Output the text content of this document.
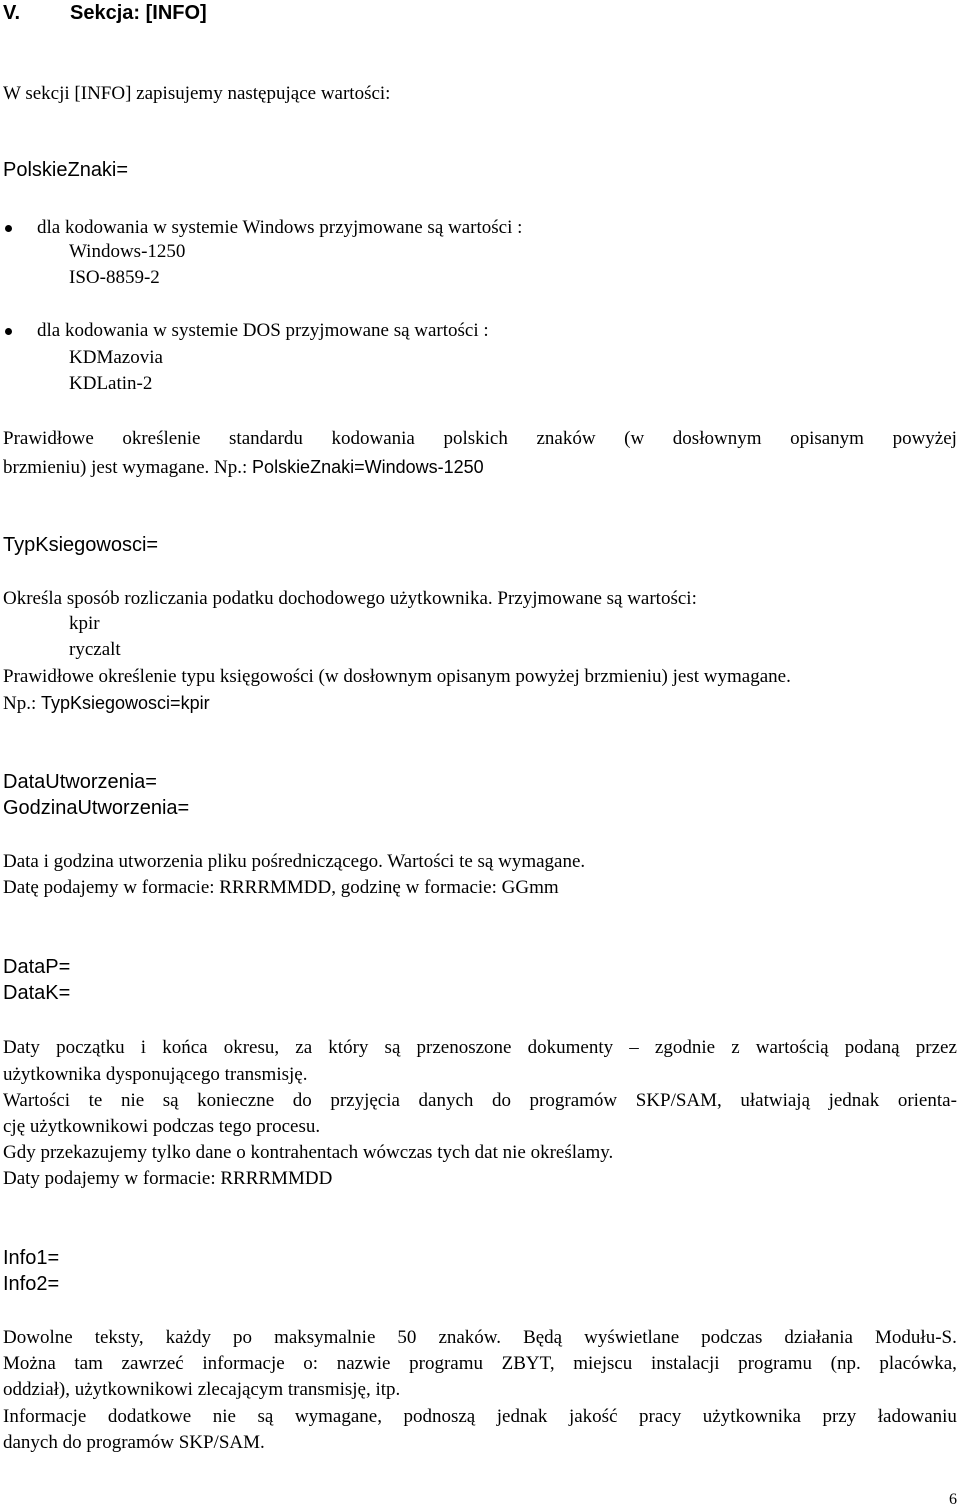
V. Sekcja: [INFO]
W sekcji [INFO] zapisujemy następujące wartości:
PolskieZnaki=
dla kodowania w systemie Windows przyjmowane są wartości :
Windows-1250
ISO-8859-2
dla kodowania w systemie DOS przyjmowane są wartości :
KDMazovia
KDLatin-2
Prawidłowe określenie standardu kodowania polskich znaków (w dosłownym opisanym powyżej
brzmieniu) jest wymagane. Np.: PolskieZnaki=Windows-1250
TypKsiegowosci=
Określa sposób rozliczania podatku dochodowego użytkownika. Przyjmowane są wartości:
kpir
ryczalt
Prawidłowe określenie typu księgowości (w dosłownym opisanym powyżej brzmieniu) jest wymagane.
Np.: TypKsiegowosci=kpir
DataUtworzenia=
GodzinaUtworzenia=
Data i godzina utworzenia pliku pośredniczącego. Wartości te są wymagane.
Datę podajemy w formacie: RRRRMMDD, godzinę w formacie: GGmm
DataP=
DataK=
Daty początku i końca okresu, za który są przenoszone dokumenty – zgodnie z wartością podaną przez
użytkownika dysponującego transmisję.
Wartości te nie są konieczne do przyjęcia danych do programów SKP/SAM, ułatwiają jednak orienta-
cję użytkownikowi podczas tego procesu.
Gdy przekazujemy tylko dane o kontrahentach wówczas tych dat nie określamy.
Daty podajemy w formacie: RRRRMMDD
Info1=
Info2=
Dowolne teksty, każdy po maksymalnie 50 znaków. Będą wyświetlane podczas działania Modułu-S.
Można tam zawrzeć informacje o: nazwie programu ZBYT, miejscu instalacji programu (np. placówka,
oddział), użytkownikowi zlecającym transmisję, itp.
Informacje dodatkowe nie są wymagane, podnoszą jednak jakość pracy użytkownika przy ładowaniu
danych do programów SKP/SAM.
6
